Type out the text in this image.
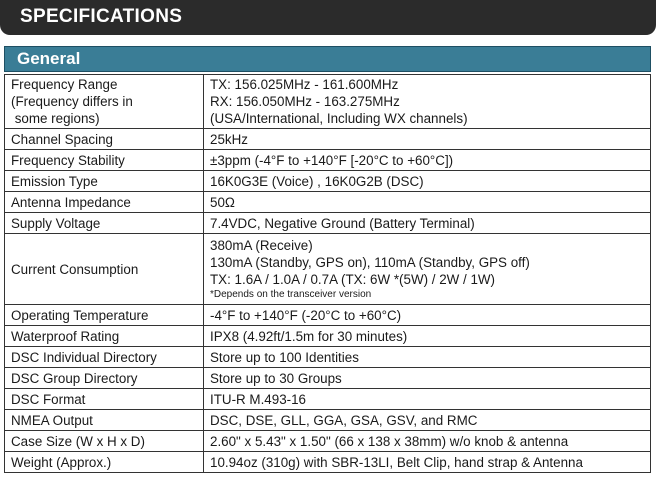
SPECIFICATIONS
General
Frequency Range
(Frequency differs in
some regions)	TX: 156.025MHz - 161.600MHz
RX: 156.050MHz - 163.275MHz
(USA/International, Including WX channels)

Channel Spacing	25kHz
Frequency Stability	±3ppm (-4°F to +140°F [-20°C to +60°C])
Emission Type	16K0G3E (Voice) , 16K0G2B (DSC)
Antenna Impedance	50Ω
Supply Voltage	7.4VDC, Negative Ground (Battery Terminal)
Current Consumption	380mA (Receive)
130mA (Standby, GPS on), 110mA (Standby, GPS off)
TX: 1.6A / 1.0A / 0.7A (TX: 6W *(5W) / 2W / 1W)
*Depends on the transceiver version

Operating Temperature	-4°F to +140°F (-20°C to +60°C)
Waterproof Rating	IPX8 (4.92ft/1.5m for 30 minutes)
DSC Individual Directory	Store up to 100 Identities
DSC Group Directory	Store up to 30 Groups
DSC Format	ITU-R M.493-16
NMEA Output	DSC, DSE, GLL, GGA, GSA, GSV, and RMC
Case Size (W x H x D)	2.60" x 5.43" x 1.50" (66 x 138 x 38mm) w/o knob & antenna
Weight (Approx.)	10.94oz (310g) with SBR-13LI, Belt Clip, hand strap & Antenna
